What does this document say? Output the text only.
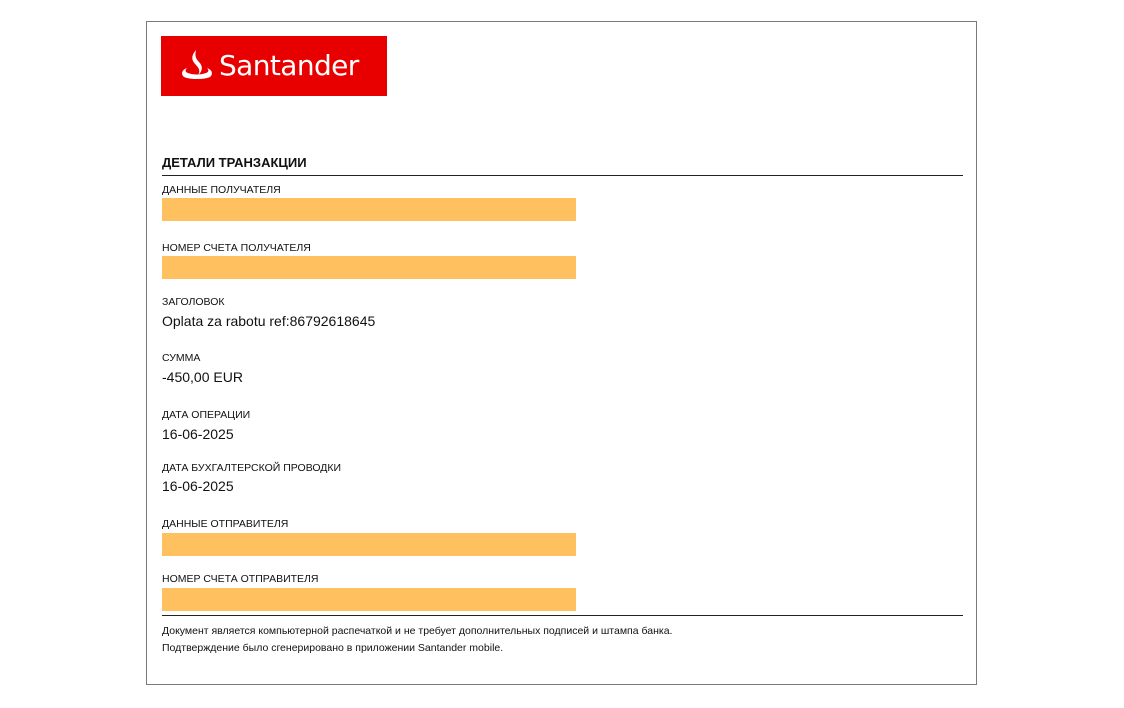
Santander
ДЕТАЛИ ТРАНЗАКЦИИ
ДАННЫЕ ПОЛУЧАТЕЛЯ
НОМЕР СЧЕТА ПОЛУЧАТЕЛЯ
ЗАГОЛОВОК
Oplata za rabotu ref:86792618645
СУММА
-450,00 EUR
ДАТА ОПЕРАЦИИ
16-06-2025
ДАТА БУХГАЛТЕРСКОЙ ПРОВОДКИ
16-06-2025
ДАННЫЕ ОТПРАВИТЕЛЯ
НОМЕР СЧЕТА ОТПРАВИТЕЛЯ
Документ является компьютерной распечаткой и не требует дополнительных подписей и штампа банка.
Подтверждение было сгенерировано в приложении Santander mobile.
